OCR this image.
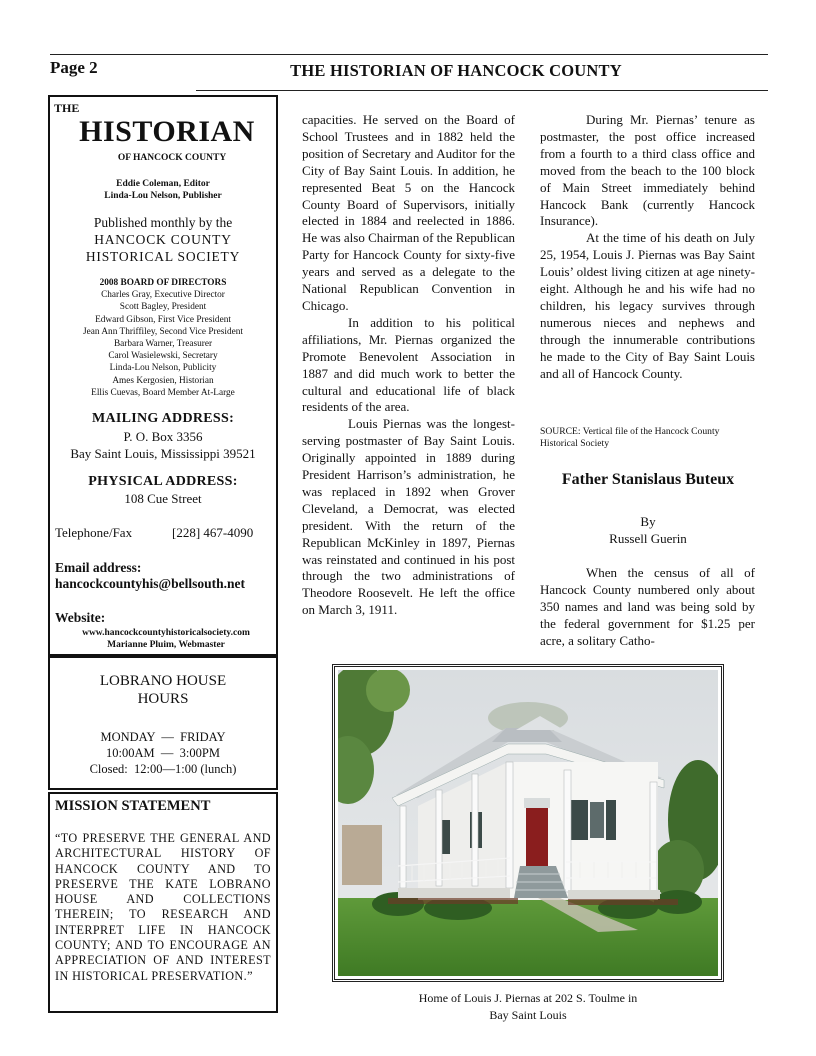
Page 2	THE HISTORIAN OF HANCOCK COUNTY
THE
HISTORIAN
OF HANCOCK COUNTY
Eddie Coleman, Editor
Linda-Lou Nelson, Publisher
Published monthly by the
HANCOCK COUNTY
HISTORICAL SOCIETY
2008 BOARD OF DIRECTORS
Charles Gray, Executive Director
Scott Bagley, President
Edward Gibson, First Vice President
Jean Ann Thriffiley, Second Vice President
Barbara Warner, Treasurer
Carol Wasielewski, Secretary
Linda-Lou Nelson, Publicity
Ames Kergosien, Historian
Ellis Cuevas, Board Member At-Large
MAILING ADDRESS:
P. O. Box 3356
Bay Saint Louis, Mississippi 39521
PHYSICAL ADDRESS:
108 Cue Street
Telephone/Fax	[228] 467-4090
Email address:
hancockcountyhis@bellsouth.net
Website:
www.hancockcountyhistoricalsociety.com
Marianne Pluim, Webmaster
LOBRANO HOUSE
HOURS
MONDAY  —  FRIDAY
10:00AM  —  3:00PM
Closed:  12:00—1:00 (lunch)
MISSION STATEMENT
“TO PRESERVE THE GENERAL AND ARCHITECTURAL HISTORY OF HANCOCK COUNTY AND TO PRESERVE THE KATE LOBRANO HOUSE AND COLLECTIONS THEREIN; TO RESEARCH AND INTERPRET LIFE IN HANCOCK COUNTY; AND TO ENCOURAGE AN APPRECIATION OF AND INTEREST IN HISTORICAL PRESERVATION.”

capacities. He served on the Board of School Trustees and in 1882 held the position of Secretary and Auditor for the City of Bay Saint Louis. In addition, he represented Beat 5 on the Hancock County Board of Supervisors, initially elected in 1884 and reelected in 1886. He was also Chairman of the Republican Party for Hancock County for sixty-five years and served as a delegate to the National Republican Convention in Chicago.

In addition to his political affiliations, Mr. Piernas organized the Promote Benevolent Association in 1887 and did much work to better the cultural and educational life of black residents of the area.

Louis Piernas was the longest-serving postmaster of Bay Saint Louis. Originally appointed in 1889 during President Harrison’s administration, he was replaced in 1892 when Grover Cleveland, a Democrat, was elected president. With the return of the Republican McKinley in 1897, Piernas was reinstated and continued in his post through the two administrations of Theodore Roosevelt. He left the office on March 3, 1911.

During Mr. Piernas’ tenure as postmaster, the post office increased from a fourth to a third class office and moved from the beach to the 100 block of Main Street immediately behind Hancock Bank (currently Hancock Insurance).

At the time of his death on July 25, 1954, Louis J. Piernas was Bay Saint Louis’ oldest living citizen at age ninety-eight. Although he and his wife had no children, his legacy survives through numerous nieces and nephews and through the innumerable contributions he made to the City of Bay Saint Louis and all of Hancock County.

SOURCE: Vertical file of the Hancock County Historical Society
Father Stanislaus Buteux
By
Russell Guerin

When the census of all of Hancock County numbered only about 350 names and land was being sold by the federal government for $1.25 per acre, a solitary Catho-

Home of Louis J. Piernas at 202 S. Toulme in
Bay Saint Louis
